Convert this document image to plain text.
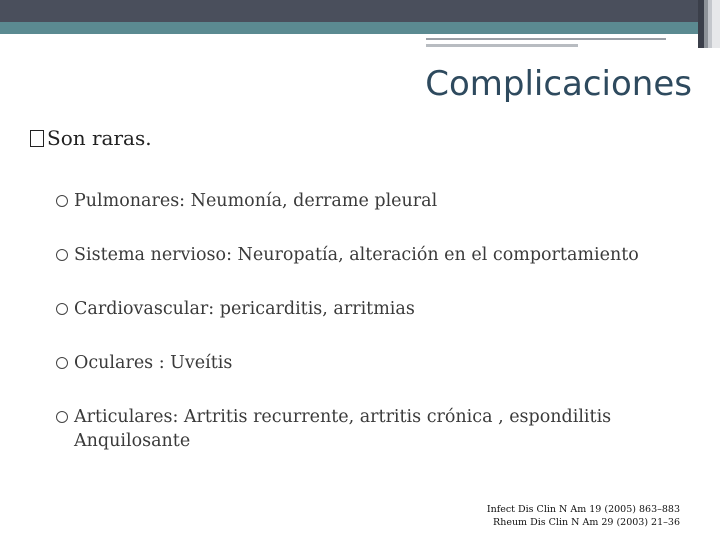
Complicaciones
Son raras.
Pulmonares: Neumonía, derrame pleural
Sistema nervioso: Neuropatía, alteración en el comportamiento
Cardiovascular: pericarditis, arritmias
Oculares : Uveítis
Articulares: Artritis recurrente, artritis crónica , espondilitis Anquilosante
Infect Dis Clin N Am 19 (2005) 863–883
Rheum Dis Clin N Am 29 (2003) 21–36
